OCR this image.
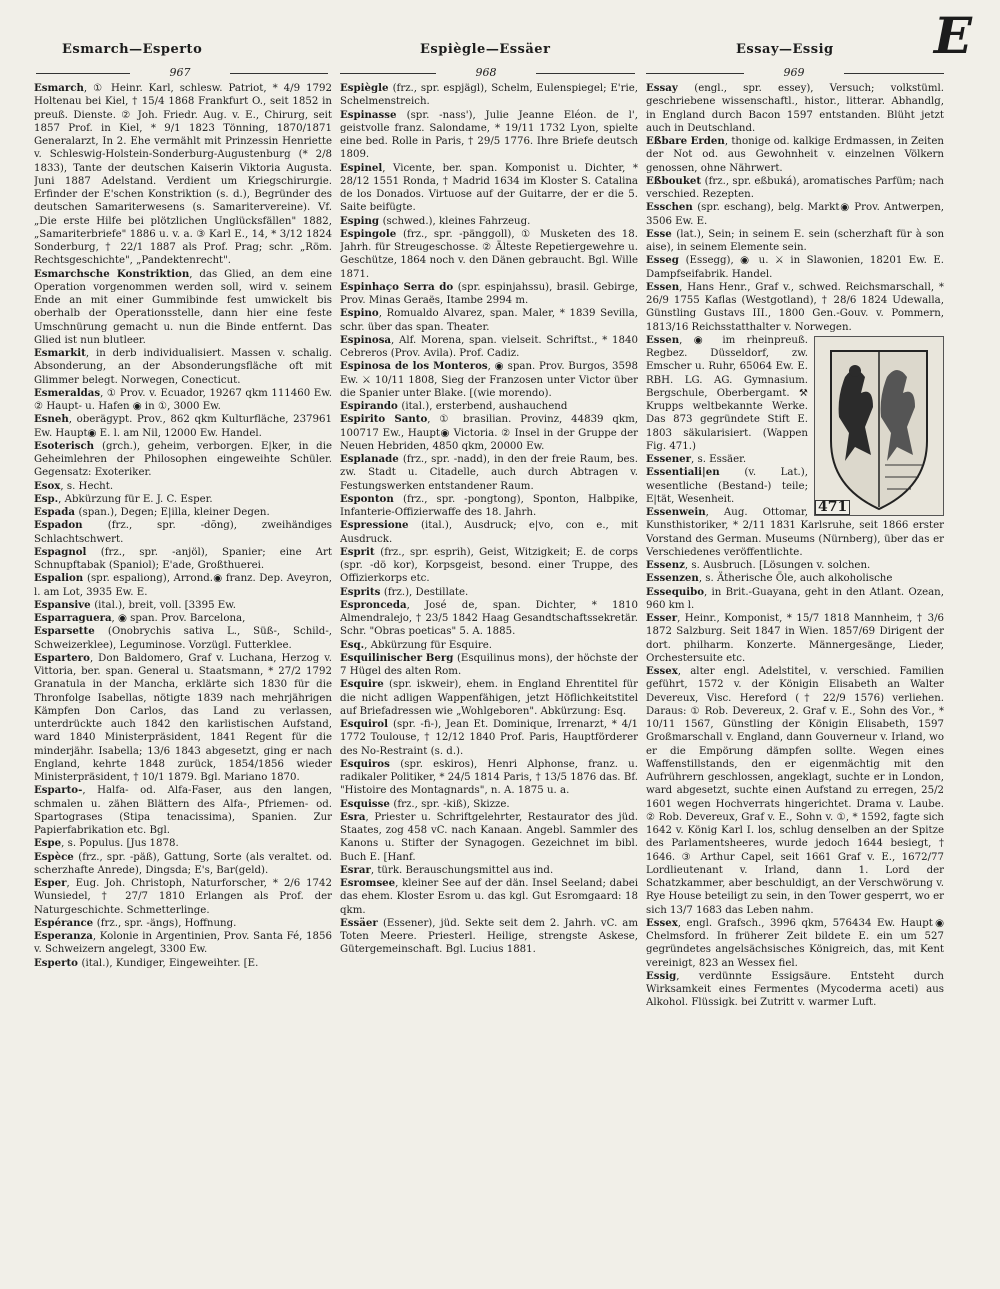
Esmarch—Esperto	Espiègle—Essäer	Essay—Essig E
967	968	969

Esmarch, ① Heinr. Karl, schlesw. Patriot, * 4/9 1792 Holtenau bei Kiel, † 15/4 1868 Frankfurt O., seit 1852 in preuß. Dienste. ② Joh. Friedr. Aug. v. E., Chirurg, seit 1857 Prof. in Kiel, * 9/1 1823 Tönning, 1870/1871 Generalarzt, In 2. Ehe vermählt mit Prinzessin Henriette v. Schleswig-Holstein-Sonderburg-Augustenburg (* 2/8 1833), Tante der deutschen Kaiserin Viktoria Augusta. Juni 1887 Adelstand. Verdient um Kriegschirurgie. Erfinder der E'schen Konstriktion (s. d.), Begründer des deutschen Samariterwesens (s. Samaritervereine). Vf. „Die erste Hilfe bei plötzlichen Unglücksfällen" 1882, „Samariterbriefe" 1886 u. v. a. ③ Karl E., 14, * 3/12 1824 Sonderburg, † 22/1 1887 als Prof. Prag; schr. „Röm. Rechtsgeschichte", „Pandektenrecht".

Esmarchsche Konstriktion, das Glied, an dem eine Operation vorgenommen werden soll, wird v. seinem Ende an mit einer Gummibinde fest umwickelt bis oberhalb der Operationsstelle, dann hier eine feste Umschnürung gemacht u. nun die Binde entfernt. Das Glied ist nun blutleer.

Esmarkit, in derb individualisiert. Massen v. schalig. Absonderung, an der Absonderungsfläche oft mit Glimmer belegt. Norwegen, Conecticut.

Esmeraldas, ① Prov. v. Ecuador, 19267 qkm 111460 Ew. ② Haupt- u. Hafen ◉ in ①, 3000 Ew.

Esneh, oberägypt. Prov., 862 qkm Kulturfläche, 237961 Ew. Haupt◉ E. l. am Nil, 12000 Ew. Handel.

Esoterisch (grch.), geheim, verborgen. E|ker, in die Geheimlehren der Philosophen eingeweihte Schüler. Gegensatz: Exoteriker.

Esox, s. Hecht.

Esp., Abkürzung für E. J. C. Esper.

Espada (span.), Degen; E|illa, kleiner Degen.

Espadon (frz., spr. -dõng), zweihändiges Schlachtschwert.

Espagnol (frz., spr. -anjöl), Spanier; eine Art Schnupftabak (Spaniol); E'ade, Großthuerei.

Espalion (spr. espaliong), Arrond.◉ franz. Dep. Aveyron, l. am Lot, 3935 Ew. E.

Espansive (ital.), breit, voll. [3395 Ew.

Esparraguera, ◉ span. Prov. Barcelona,

Esparsette (Onobrychis sativa L., Süß-, Schild-, Schweizerklee), Leguminose. Vorzügl. Futterklee.

Espartero, Don Baldomero, Graf v. Luchana, Herzog v. Vittoria, ber. span. General u. Staatsmann, * 27/2 1792 Granatula in der Mancha, erklärte sich 1830 für die Thronfolge Isabellas, nötigte 1839 nach mehrjährigen Kämpfen Don Carlos, das Land zu verlassen, unterdrückte auch 1842 den karlistischen Aufstand, ward 1840 Ministerpräsident, 1841 Regent für die minderjähr. Isabella; 13/6 1843 abgesetzt, ging er nach England, kehrte 1848 zurück, 1854/1856 wieder Ministerpräsident, † 10/1 1879. Bgl. Mariano 1870.

Esparto-, Halfa- od. Alfa-Faser, aus den langen, schmalen u. zähen Blättern des Alfa-, Pfriemen- od. Spartograses (Stipa tenacissima), Spanien. Zur Papierfabrikation etc. Bgl.

Espe, s. Populus. [Jus 1878.

Espèce (frz., spr. -päß), Gattung, Sorte (als veraltet. od. scherzhafte Anrede), Dingsda; E's, Bar(geld).

Esper, Eug. Joh. Christoph, Naturforscher, * 2/6 1742 Wunsiedel, † 27/7 1810 Erlangen als Prof. der Naturgeschichte. Schmetterlinge.

Espérance (frz., spr. -ängs), Hoffnung.

Esperanza, Kolonie in Argentinien, Prov. Santa Fé, 1856 v. Schweizern angelegt, 3300 Ew.

Esperto (ital.), Kundiger, Eingeweihter. [E.

Espiègle (frz., spr. espjägl), Schelm, Eulenspiegel; E'rie, Schelmenstreich.

Espinasse (spr. -nass'), Julie Jeanne Eléon. de l', geistvolle franz. Salondame, * 19/11 1732 Lyon, spielte eine bed. Rolle in Paris, † 29/5 1776. Ihre Briefe deutsch 1809.

Espinel, Vicente, ber. span. Komponist u. Dichter, * 28/12 1551 Ronda, † Madrid 1634 im Kloster S. Catalina de los Donados. Virtuose auf der Guitarre, der er die 5. Saite beifügte.

Esping (schwed.), kleines Fahrzeug.

Espingole (frz., spr. -pänggoll), ① Musketen des 18. Jahrh. für Streugeschosse. ② Älteste Repetiergewehre u. Geschütze, 1864 noch v. den Dänen gebraucht. Bgl. Wille 1871.

Espinhaço Serra do (spr. espinjahssu), brasil. Gebirge, Prov. Minas Geraës, Itambe 2994 m.

Espino, Romualdo Alvarez, span. Maler, * 1839 Sevilla, schr. über das span. Theater.

Espinosa, Alf. Morena, span. vielseit. Schriftst., * 1840 Cebreros (Prov. Avila). Prof. Cadiz.

Espinosa de los Monteros, ◉ span. Prov. Burgos, 3598 Ew. ⚔ 10/11 1808, Sieg der Franzosen unter Victor über die Spanier unter Blake. [(wie morendo).

Espirando (ital.), ersterbend, aushauchend

Espirito Santo, ① brasilian. Provinz, 44839 qkm, 100717 Ew., Haupt◉ Victoria. ② Insel in der Gruppe der Neuen Hebriden, 4850 qkm, 20000 Ew.

Esplanade (frz., spr. -nadd), in den der freie Raum, bes. zw. Stadt u. Citadelle, auch durch Abtragen v. Festungswerken entstandener Raum.

Esponton (frz., spr. -pongtong), Sponton, Halbpike, Infanterie-Offizierwaffe des 18. Jahrh.

Espressione (ital.), Ausdruck; e|vo, con e., mit Ausdruck.

Esprit (frz., spr. esprih), Geist, Witzigkeit; E. de corps (spr. -dö kor), Korpsgeist, besond. einer Truppe, des Offizierkorps etc.

Esprits (frz.), Destillate.

Espronceda, José de, span. Dichter, * 1810 Almendralejo, † 23/5 1842 Haag Gesandtschaftssekretär. Schr. "Obras poeticas" 5. A. 1885.

Esq., Abkürzung für Esquire.

Esquilinischer Berg (Esquilinus mons), der höchste der 7 Hügel des alten Rom.

Esquire (spr. iskweir), ehem. in England Ehrentitel für die nicht adligen Wappenfähigen, jetzt Höflichkeitstitel auf Briefadressen wie „Wohlgeboren". Abkürzung: Esq.

Esquirol (spr. -fi-), Jean Et. Dominique, Irrenarzt, * 4/1 1772 Toulouse, † 12/12 1840 Prof. Paris, Hauptförderer des No-Restraint (s. d.).

Esquiros (spr. eskiros), Henri Alphonse, franz. u. radikaler Politiker, * 24/5 1814 Paris, † 13/5 1876 das. Bf. "Histoire des Montagnards", n. A. 1875 u. a.

Esquisse (frz., spr. -kiß), Skizze.

Esra, Priester u. Schriftgelehrter, Restaurator des jüd. Staates, zog 458 vC. nach Kanaan. Angebl. Sammler des Kanons u. Stifter der Synagogen. Gezeichnet im bibl. Buch E. [Hanf.

Esrar, türk. Berauschungsmittel aus ind.

Esromsee, kleiner See auf der dän. Insel Seeland; dabei das ehem. Kloster Esrom u. das kgl. Gut Esromgaard: 18 qkm.

Essäer (Essener), jüd. Sekte seit dem 2. Jahrh. vC. am Toten Meere. Priesterl. Heilige, strengste Askese, Gütergemeinschaft. Bgl. Lucius 1881.

Essay (engl., spr. essey), Versuch; volkstüml. geschriebene wissenschaftl., histor., litterar. Abhandlg, in England durch Bacon 1597 entstanden. Blüht jetzt auch in Deutschland.

Eßbare Erden, thonige od. kalkige Erdmassen, in Zeiten der Not od. aus Gewohnheit v. einzelnen Völkern genossen, ohne Nährwert.

Eßbouket (frz., spr. eßbuká), aromatisches Parfüm; nach verschied. Rezepten.

Esschen (spr. eschang), belg. Markt◉ Prov. Antwerpen, 3506 Ew. E.

Esse (lat.), Sein; in seinem E. sein (scherzhaft für à son aise), in seinem Elemente sein.

Esseg (Essegg), ◉ u. ⚔ in Slawonien, 18201 Ew. E. Dampfseifabrik. Handel.

Essen, Hans Henr., Graf v., schwed. Reichsmarschall, * 26/9 1755 Kaflas (Westgotland), † 28/6 1824 Udewalla, Günstling Gustavs III., 1800 Gen.-Gouv. v. Pommern, 1813/16 Reichsstatthalter v. Norwegen.

471

Essen, ◉ im rheinpreuß. Regbez. Düsseldorf, zw. Emscher u. Ruhr, 65064 Ew. E. RBH. LG. AG. Gymnasium. Bergschule, Oberbergamt. ⚒ Krupps weltbekannte Werke. Das 873 gegründete Stift E. 1803 säkularisiert. (Wappen Fig. 471.)

Essener, s. Essäer.

Essentiali|en (v. Lat.), wesentliche (Bestand-) teile; E|tät, Wesenheit.

Essenwein, Aug. Ottomar, Kunsthistoriker, * 2/11 1831 Karlsruhe, seit 1866 erster Vorstand des German. Museums (Nürnberg), über das er Verschiedenes veröffentlichte.

Essenz, s. Ausbruch. [Lösungen v. solchen.

Essenzen, s. Ätherische Öle, auch alkoholische

Essequibo, in Brit.-Guayana, geht in den Atlant. Ozean, 960 km l.

Esser, Heinr., Komponist, * 15/7 1818 Mannheim, † 3/6 1872 Salzburg. Seit 1847 in Wien. 1857/69 Dirigent der dort. philharm. Konzerte. Männergesänge, Lieder, Orchestersuite etc.

Essex, alter engl. Adelstitel, v. verschied. Familien geführt, 1572 v. der Königin Elisabeth an Walter Devereux, Visc. Hereford († 22/9 1576) verliehen. Daraus: ① Rob. Devereux, 2. Graf v. E., Sohn des Vor., * 10/11 1567, Günstling der Königin Elisabeth, 1597 Großmarschall v. England, dann Gouverneur v. Irland, wo er die Empörung dämpfen sollte. Wegen eines Waffenstillstands, den er eigenmächtig mit den Aufrührern geschlossen, angeklagt, suchte er in London, ward abgesetzt, suchte einen Aufstand zu erregen, 25/2 1601 wegen Hochverrats hingerichtet. Drama v. Laube. ② Rob. Devereux, Graf v. E., Sohn v. ①, * 1592, fagte sich 1642 v. König Karl I. los, schlug denselben an der Spitze des Parlamentsheeres, wurde jedoch 1644 besiegt, † 1646. ③ Arthur Capel, seit 1661 Graf v. E., 1672/77 Lordlieutenant v. Irland, dann 1. Lord der Schatzkammer, aber beschuldigt, an der Verschwörung v. Rye House beteiligt zu sein, in den Tower gesperrt, wo er sich 13/7 1683 das Leben nahm.

Essex, engl. Grafsch., 3996 qkm, 576434 Ew. Haupt◉ Chelmsford. In früherer Zeit bildete E. ein um 527 gegründetes angelsächsisches Königreich, das, mit Kent vereinigt, 823 an Wessex fiel.

Essig, verdünnte Essigsäure. Entsteht durch Wirksamkeit eines Fermentes (Mycoderma aceti) aus Alkohol. Flüssigk. bei Zutritt v. warmer Luft.
